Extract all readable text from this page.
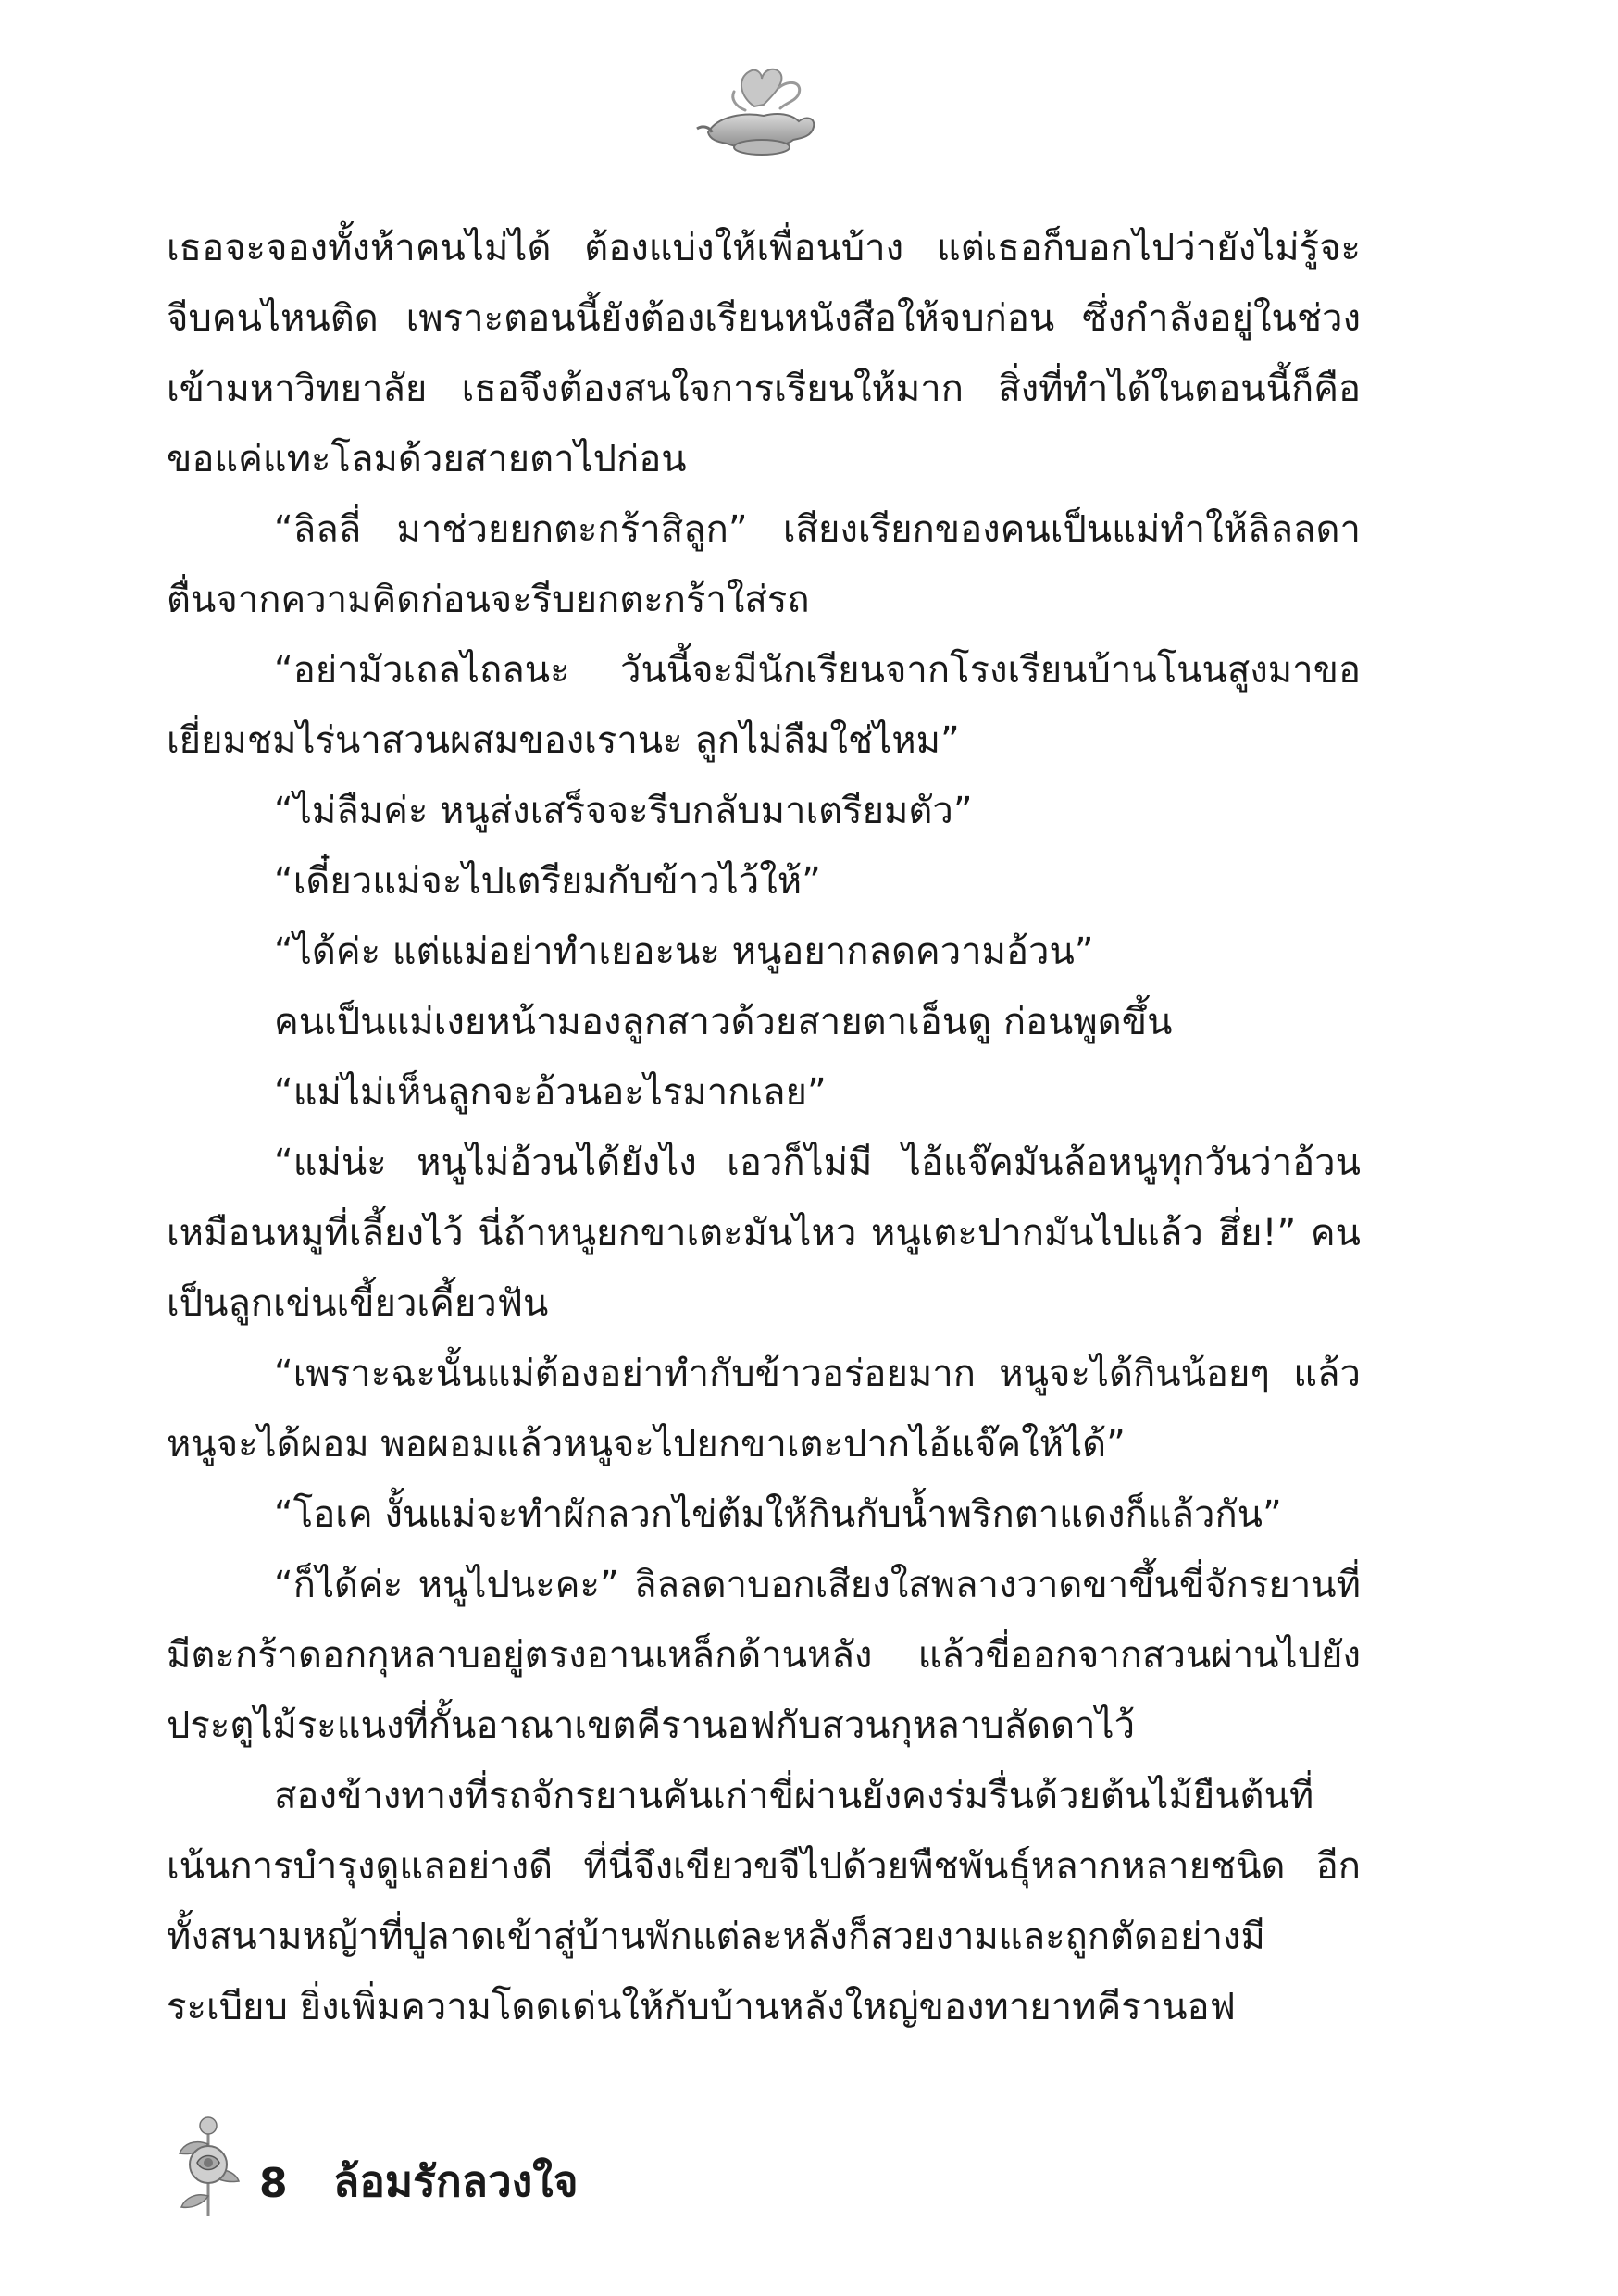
เธอจะจองทั้งห้าคนไม่ได้ ต้องแบ่งให้เพื่อนบ้าง แต่เธอก็บอกไปว่ายังไม่รู้จะจีบคนไหนติด เพราะตอนนี้ยังต้องเรียนหนังสือให้จบก่อน ซึ่งกำลังอยู่ในช่วงเข้ามหาวิทยาลัย เธอจึงต้องสนใจการเรียนให้มาก สิ่งที่ทำได้ในตอนนี้ก็คือ ขอแค่แทะโลมด้วยสายตาไปก่อน

“ลิลลี่ มาช่วยยกตะกร้าสิลูก” เสียงเรียกของคนเป็นแม่ทำให้ลิลลดาตื่นจากความคิดก่อนจะรีบยกตะกร้าใส่รถ

“อย่ามัวเถลไถลนะ วันนี้จะมีนักเรียนจากโรงเรียนบ้านโนนสูงมาขอเยี่ยมชมไร่นาสวนผสมของเรานะ ลูกไม่ลืมใช่ไหม”

“ไม่ลืมค่ะ หนูส่งเสร็จจะรีบกลับมาเตรียมตัว”

“เดี๋ยวแม่จะไปเตรียมกับข้าวไว้ให้”

“ได้ค่ะ แต่แม่อย่าทำเยอะนะ หนูอยากลดความอ้วน”

คนเป็นแม่เงยหน้ามองลูกสาวด้วยสายตาเอ็นดู ก่อนพูดขึ้น

“แม่ไม่เห็นลูกจะอ้วนอะไรมากเลย”

“แม่น่ะ หนูไม่อ้วนได้ยังไง เอวก็ไม่มี ไอ้แจ๊คมันล้อหนูทุกวันว่าอ้วนเหมือนหมูที่เลี้ยงไว้ นี่ถ้าหนูยกขาเตะมันไหว หนูเตะปากมันไปแล้ว ฮึ่ย!” คนเป็นลูกเข่นเขี้ยวเคี้ยวฟัน

“เพราะฉะนั้นแม่ต้องอย่าทำกับข้าวอร่อยมาก หนูจะได้กินน้อยๆ แล้วหนูจะได้ผอม พอผอมแล้วหนูจะไปยกขาเตะปากไอ้แจ๊คให้ได้”

“โอเค งั้นแม่จะทำผักลวกไข่ต้มให้กินกับน้ำพริกตาแดงก็แล้วกัน”

“ก็ได้ค่ะ หนูไปนะคะ” ลิลลดาบอกเสียงใสพลางวาดขาขึ้นขี่จักรยานที่มีตะกร้าดอกกุหลาบอยู่ตรงอานเหล็กด้านหลัง แล้วขี่ออกจากสวนผ่านไปยังประตูไม้ระแนงที่กั้นอาณาเขตคีรานอฟกับสวนกุหลาบลัดดาไว้

สองข้างทางที่รถจักรยานคันเก่าขี่ผ่านยังคงร่มรื่นด้วยต้นไม้ยืนต้นที่เน้นการบำรุงดูแลอย่างดี ที่นี่จึงเขียวขจีไปด้วยพืชพันธุ์หลากหลายชนิด อีกทั้งสนามหญ้าที่ปูลาดเข้าสู่บ้านพักแต่ละหลังก็สวยงามและถูกตัดอย่างมีระเบียบ ยิ่งเพิ่มความโดดเด่นให้กับบ้านหลังใหญ่ของทายาทคีรานอฟ

8 ล้อมรักลวงใจ
